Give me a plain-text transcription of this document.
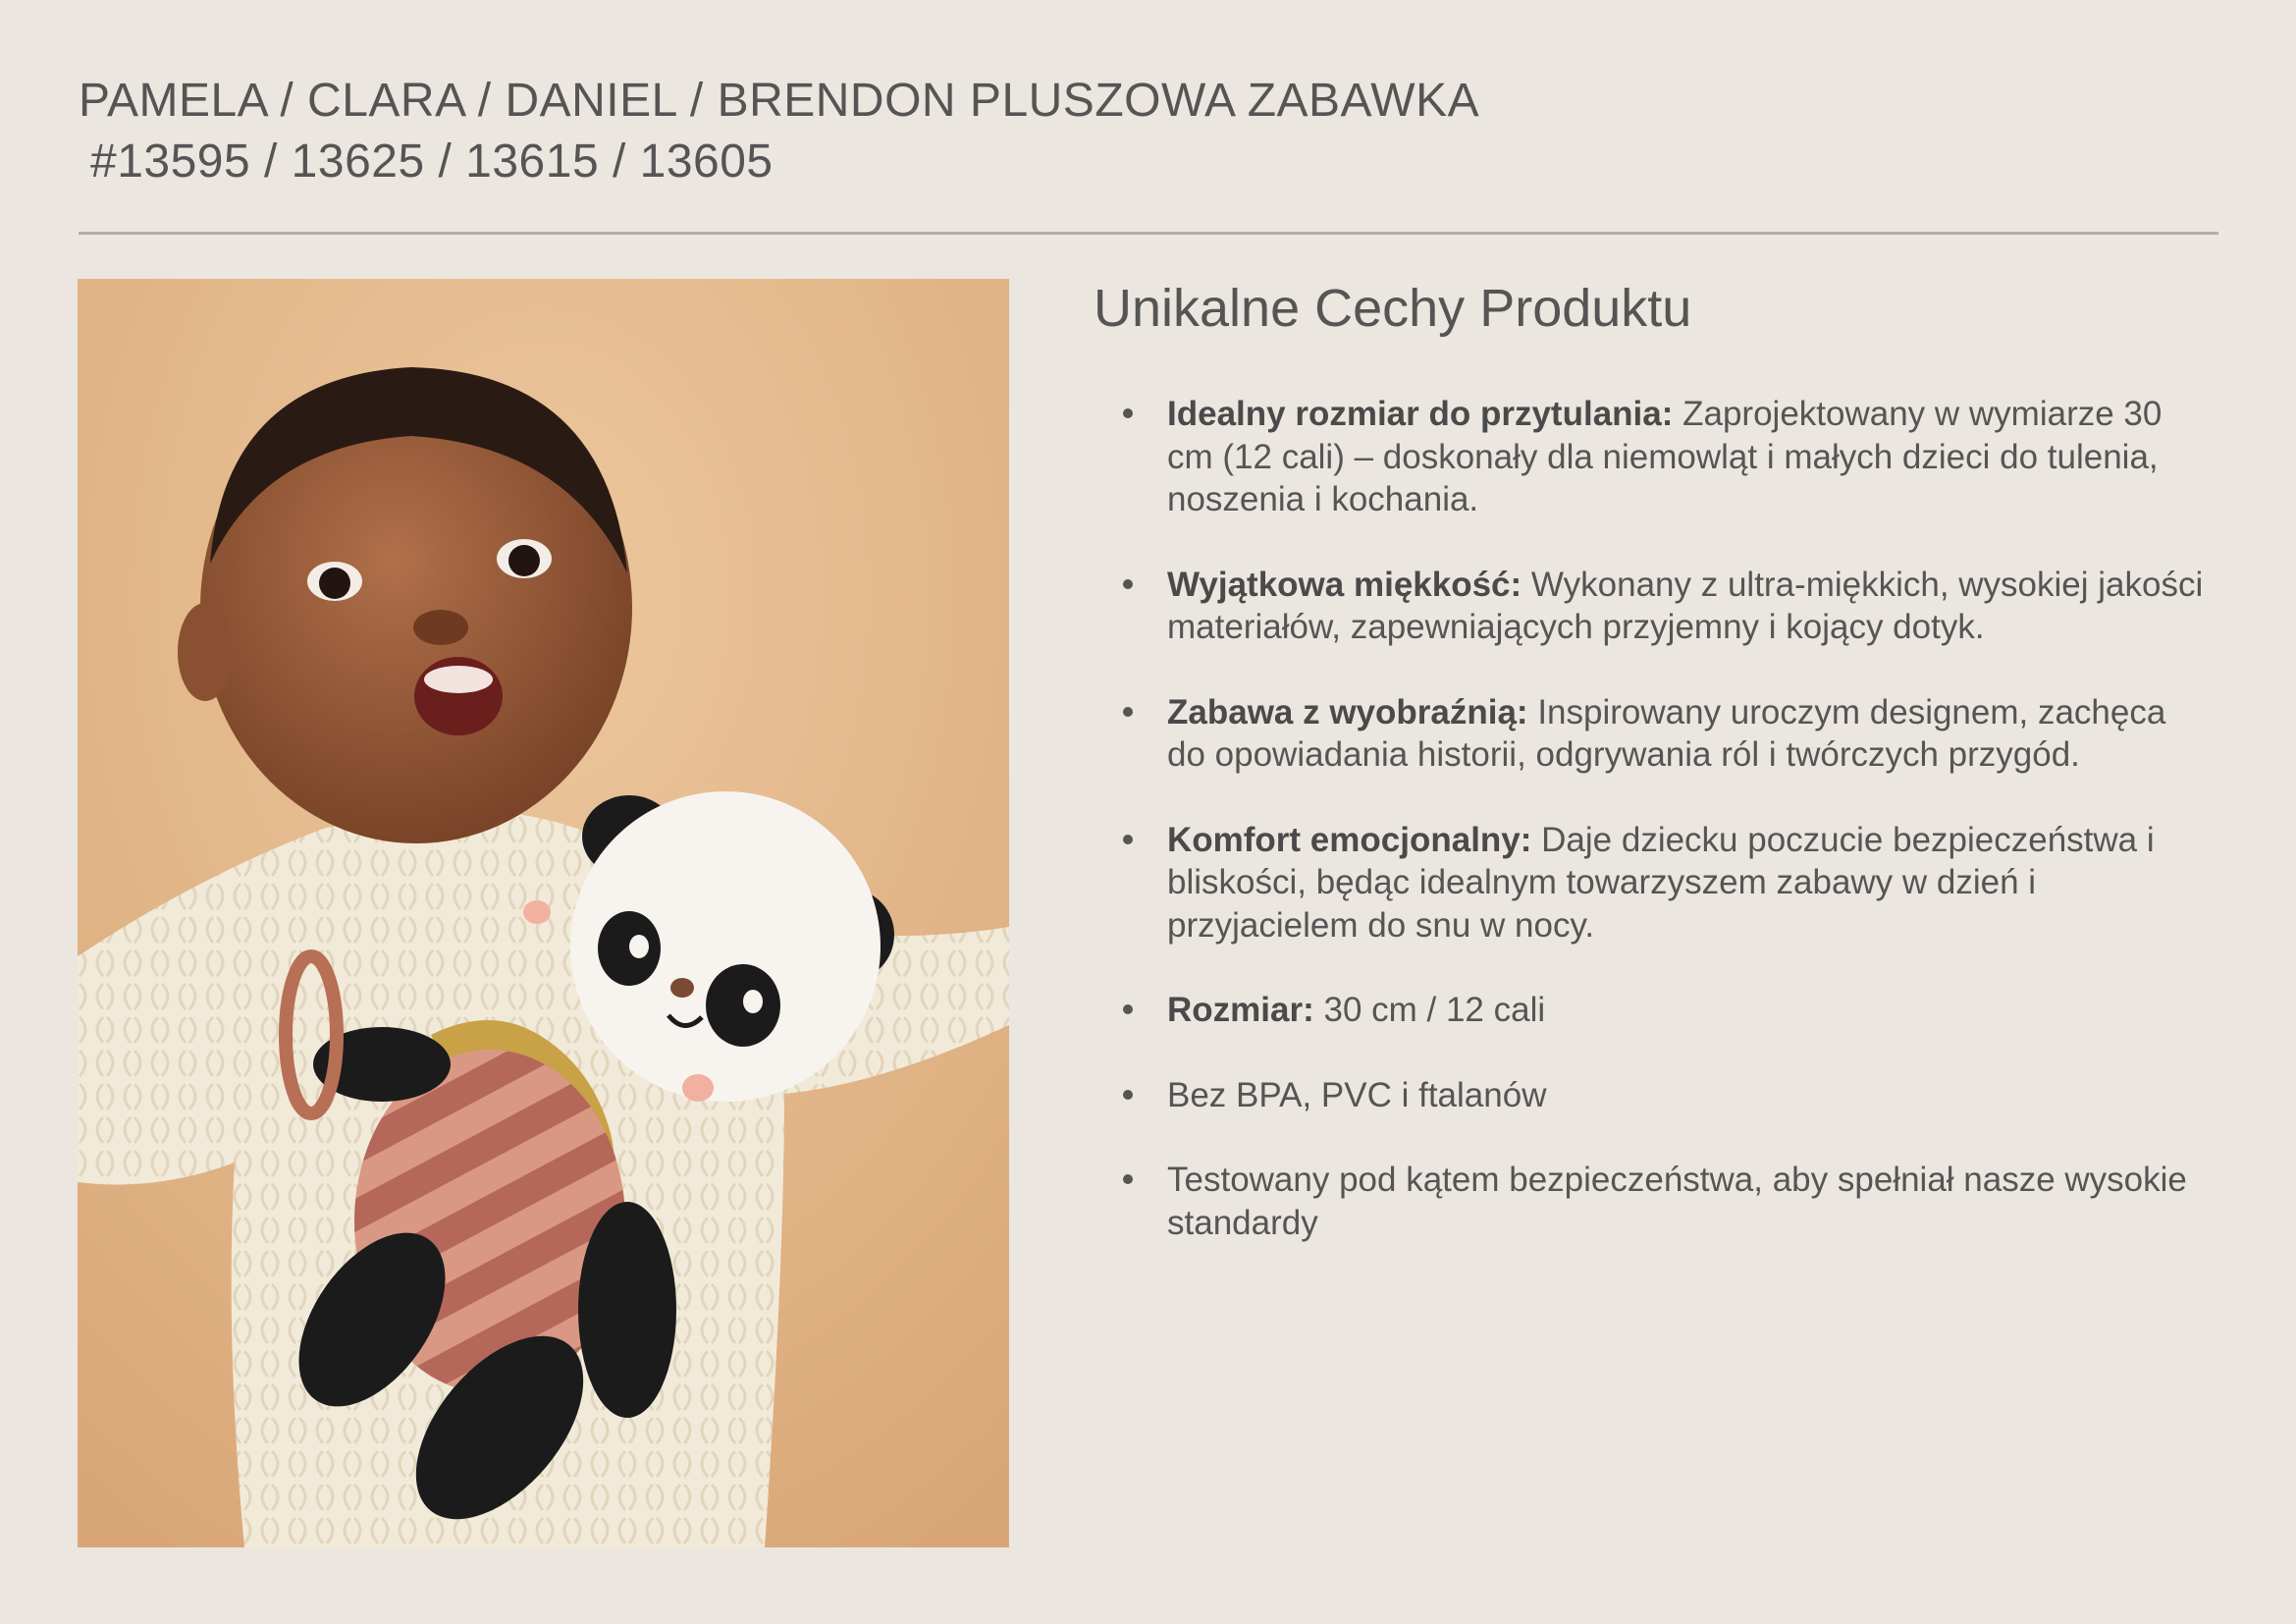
PAMELA / CLARA / DANIEL / BRENDON PLUSZOWA ZABAWKA
#13595 / 13625 / 13615 / 13605
Unikalne Cechy Produktu
Idealny rozmiar do przytulania: Zaprojektowany w wymiarze 30 cm (12 cali) – doskonały dla niemowląt i małych dzieci do tulenia, noszenia i kochania.
Wyjątkowa miękkość: Wykonany z ultra-miękkich, wysokiej jakości materiałów, zapewniających przyjemny i kojący dotyk.
Zabawa z wyobraźnią: Inspirowany uroczym designem, zachęca do opowiadania historii, odgrywania ról i twórczych przygód.
Komfort emocjonalny: Daje dziecku poczucie bezpieczeństwa i bliskości, będąc idealnym towarzyszem zabawy w dzień i przyjacielem do snu w nocy.
Rozmiar: 30 cm / 12 cali
Bez BPA, PVC i ftalanów
Testowany pod kątem bezpieczeństwa, aby spełniał nasze wysokie standardy
